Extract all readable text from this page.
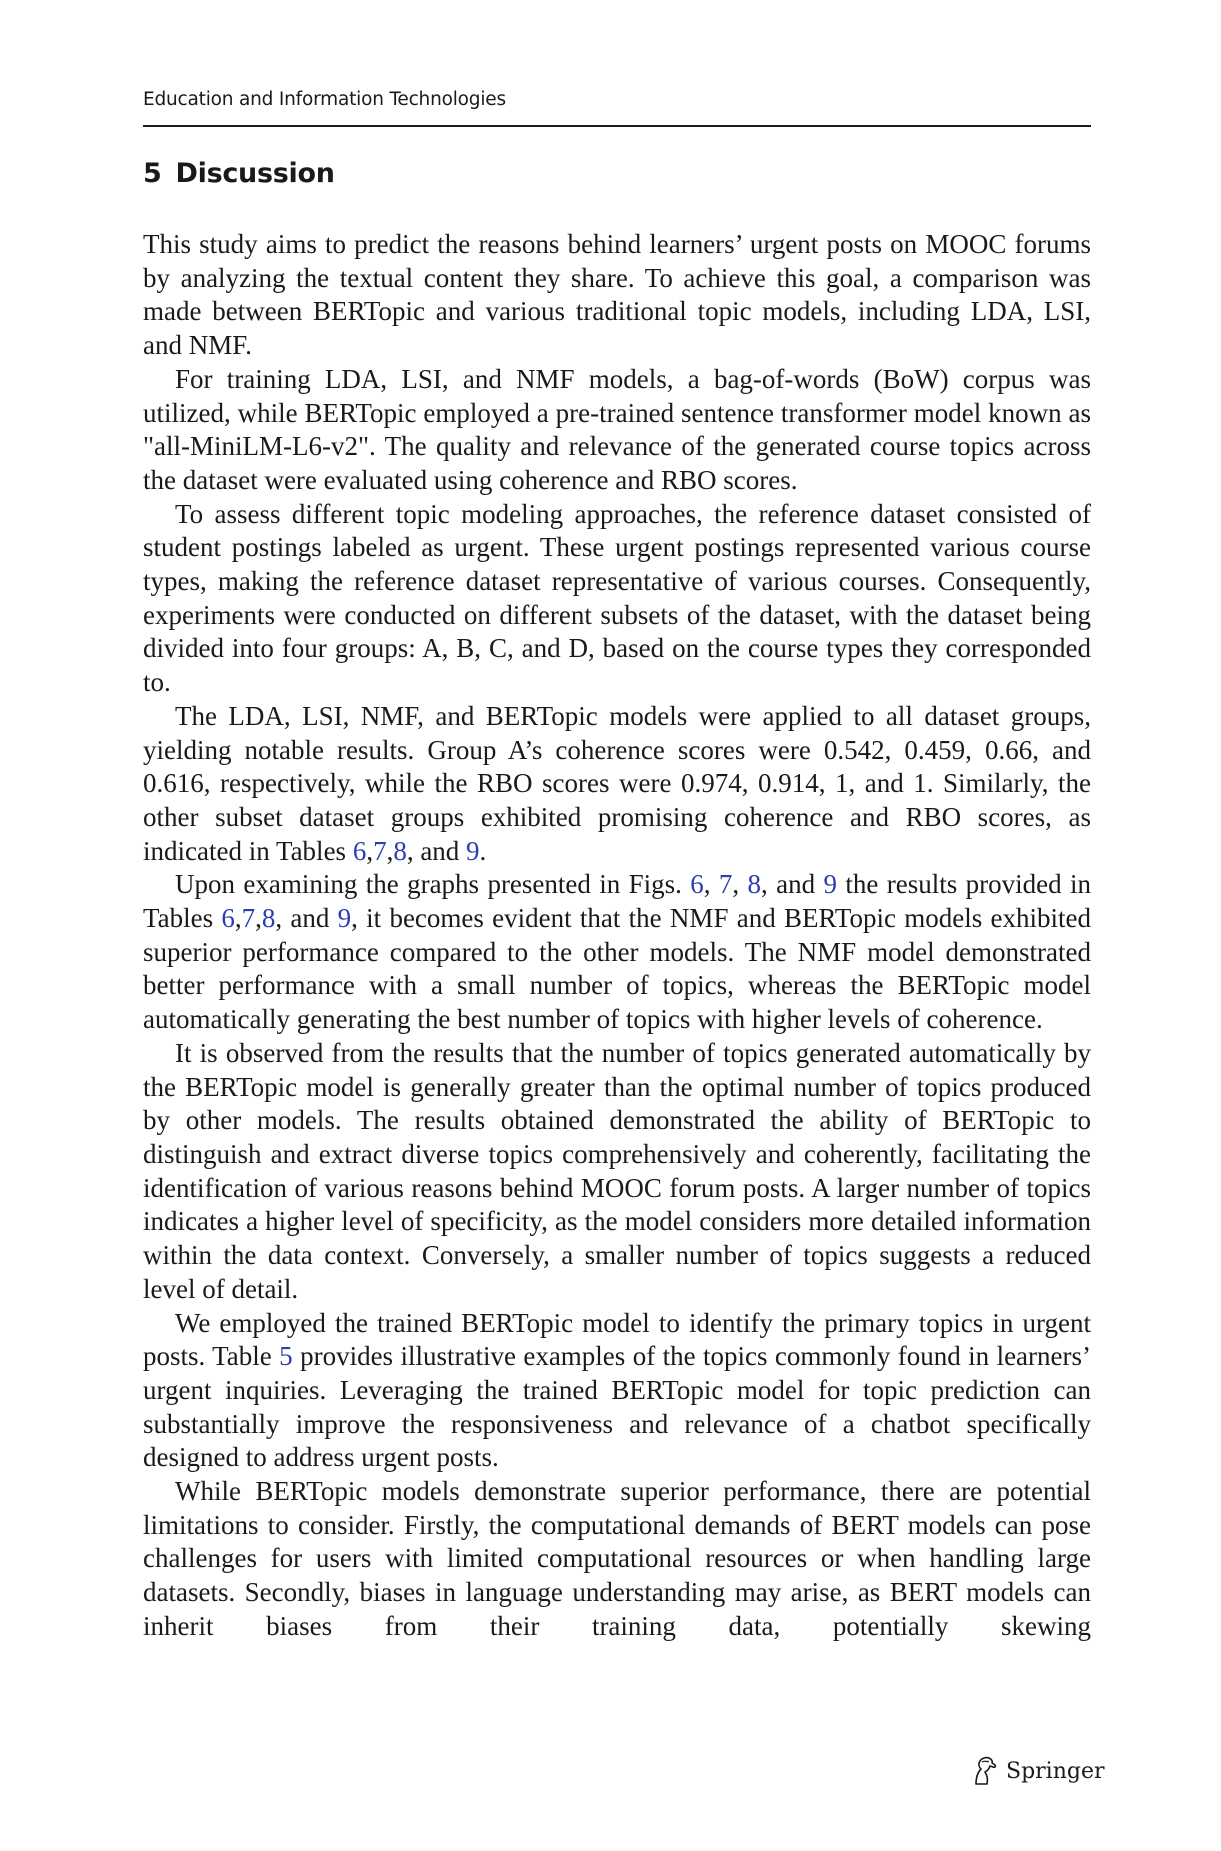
Education and Information Technologies
5 Discussion

This study aims to predict the reasons behind learners’ urgent posts on MOOC forums by analyzing the textual content they share. To achieve this goal, a comparison was made between BERTopic and various traditional topic models, including LDA, LSI, and NMF.

For training LDA, LSI, and NMF models, a bag-of-words (BoW) corpus was utilized, while BERTopic employed a pre-trained sentence transformer model known as "all-MiniLM-L6-v2". The quality and relevance of the generated course topics across the dataset were evaluated using coherence and RBO scores.

To assess different topic modeling approaches, the reference dataset consisted of student postings labeled as urgent. These urgent postings represented various course types, making the reference dataset representative of various courses. Consequently, experiments were conducted on different subsets of the dataset, with the dataset being divided into four groups: A, B, C, and D, based on the course types they corresponded to.

The LDA, LSI, NMF, and BERTopic models were applied to all dataset groups, yielding notable results. Group A’s coherence scores were 0.542, 0.459, 0.66, and 0.616, respectively, while the RBO scores were 0.974, 0.914, 1, and 1. Similarly, the other subset dataset groups exhibited promising coherence and RBO scores, as indicated in Tables 6,7,8, and 9.

Upon examining the graphs presented in Figs. 6, 7, 8, and 9 the results provided in Tables 6,7,8, and 9, it becomes evident that the NMF and BERTopic models exhibited superior performance compared to the other models. The NMF model demonstrated better performance with a small number of topics, whereas the BERTopic model automatically generating the best number of topics with higher levels of coherence.

It is observed from the results that the number of topics generated automatically by the BERTopic model is generally greater than the optimal number of topics produced by other models. The results obtained demonstrated the ability of BERTopic to distinguish and extract diverse topics comprehensively and coherently, facilitating the identification of various reasons behind MOOC forum posts. A larger number of topics indicates a higher level of specificity, as the model considers more detailed information within the data context. Conversely, a smaller number of topics suggests a reduced level of detail.

We employed the trained BERTopic model to identify the primary topics in urgent posts. Table 5 provides illustrative examples of the topics commonly found in learners’ urgent inquiries. Leveraging the trained BERTopic model for topic prediction can substantially improve the responsiveness and relevance of a chatbot specifically designed to address urgent posts.

While BERTopic models demonstrate superior performance, there are potential limitations to consider. Firstly, the computational demands of BERT models can pose challenges for users with limited computational resources or when handling large datasets. Secondly, biases in language understanding may arise, as BERT models can inherit biases from their training data, potentially skewing

Springer
